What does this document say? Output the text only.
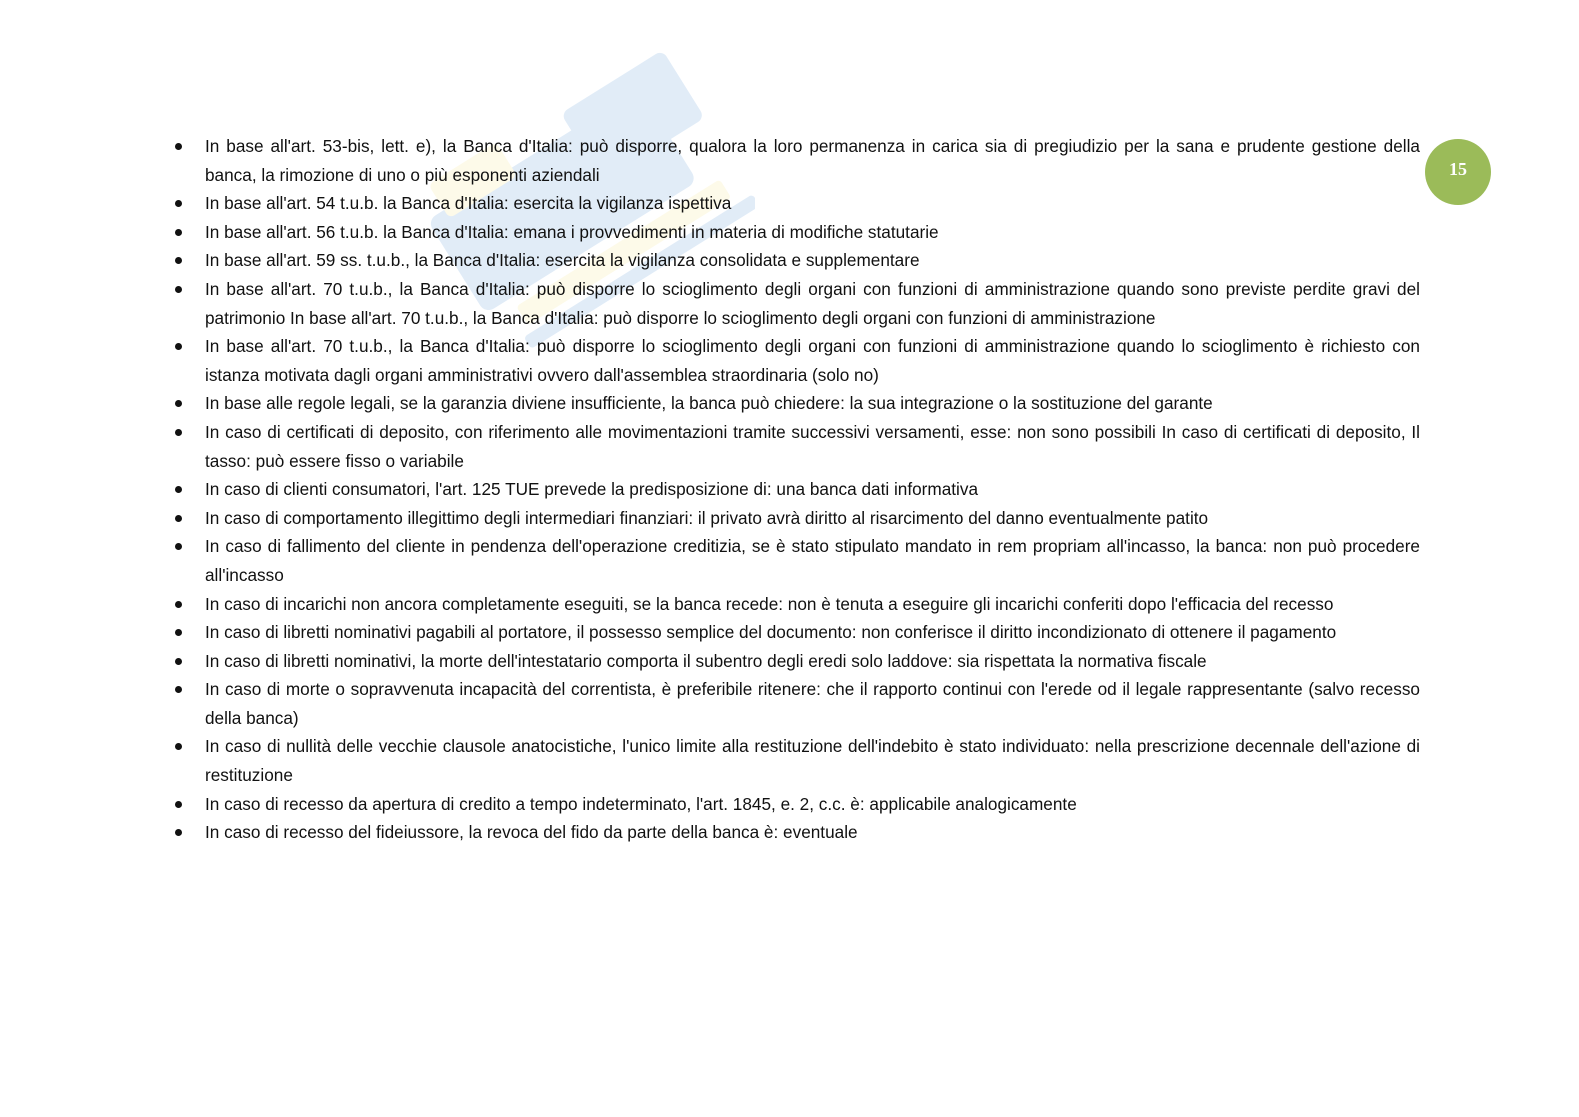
15
In base all'art. 53-bis, lett. e), la Banca d'Italia: può disporre, qualora la loro permanenza in carica sia di pregiudizio per la sana e prudente gestione della banca, la rimozione di uno o più esponenti aziendali
In base all'art. 54 t.u.b. la Banca d'Italia: esercita la vigilanza ispettiva
In base all'art. 56 t.u.b. la Banca d'Italia: emana i provvedimenti in materia di modifiche statutarie
In base all'art. 59 ss. t.u.b., la Banca d'Italia: esercita la vigilanza consolidata e supplementare
In base all'art. 70 t.u.b., la Banca d'Italia: può disporre lo scioglimento degli organi con funzioni di amministrazione quando sono previste perdite gravi del patrimonio In base all'art. 70 t.u.b., la Banca d'Italia: può disporre lo scioglimento degli organi con funzioni di amministrazione
In base all'art. 70 t.u.b., la Banca d'Italia: può disporre lo scioglimento degli organi con funzioni di amministrazione quando lo scioglimento è richiesto con istanza motivata dagli organi amministrativi ovvero dall'assemblea straordinaria (solo no)
In base alle regole legali, se la garanzia diviene insufficiente, la banca può chiedere: la sua integrazione o la sostituzione del garante
In caso di certificati di deposito, con riferimento alle movimentazioni tramite successivi versamenti, esse: non sono possibili In caso di certificati di deposito, Il tasso: può essere fisso o variabile
In caso di clienti consumatori, l'art. 125 TUE prevede la predisposizione di: una banca dati informativa
In caso di comportamento illegittimo degli intermediari finanziari: il privato avrà diritto al risarcimento del danno eventualmente patito
In caso di fallimento del cliente in pendenza dell'operazione creditizia, se è stato stipulato mandato in rem propriam all'incasso, la banca: non può procedere all'incasso
In caso di incarichi non ancora completamente eseguiti, se la banca recede: non è tenuta a eseguire gli incarichi conferiti dopo l'efficacia del recesso
In caso di libretti nominativi pagabili al portatore, il possesso semplice del documento: non conferisce il diritto incondizionato di ottenere il pagamento
In caso di libretti nominativi, la morte dell'intestatario comporta il subentro degli eredi solo laddove: sia rispettata la normativa fiscale
In caso di morte o sopravvenuta incapacità del correntista, è preferibile ritenere: che il rapporto continui con l'erede od il legale rappresentante (salvo recesso della banca)
In caso di nullità delle vecchie clausole anatocistiche, l'unico limite alla restituzione dell'indebito è stato individuato: nella prescrizione decennale dell'azione di restituzione
In caso di recesso da apertura di credito a tempo indeterminato, l'art. 1845, e. 2, c.c. è: applicabile analogicamente
In caso di recesso del fideiussore, la revoca del fido da parte della banca è: eventuale
